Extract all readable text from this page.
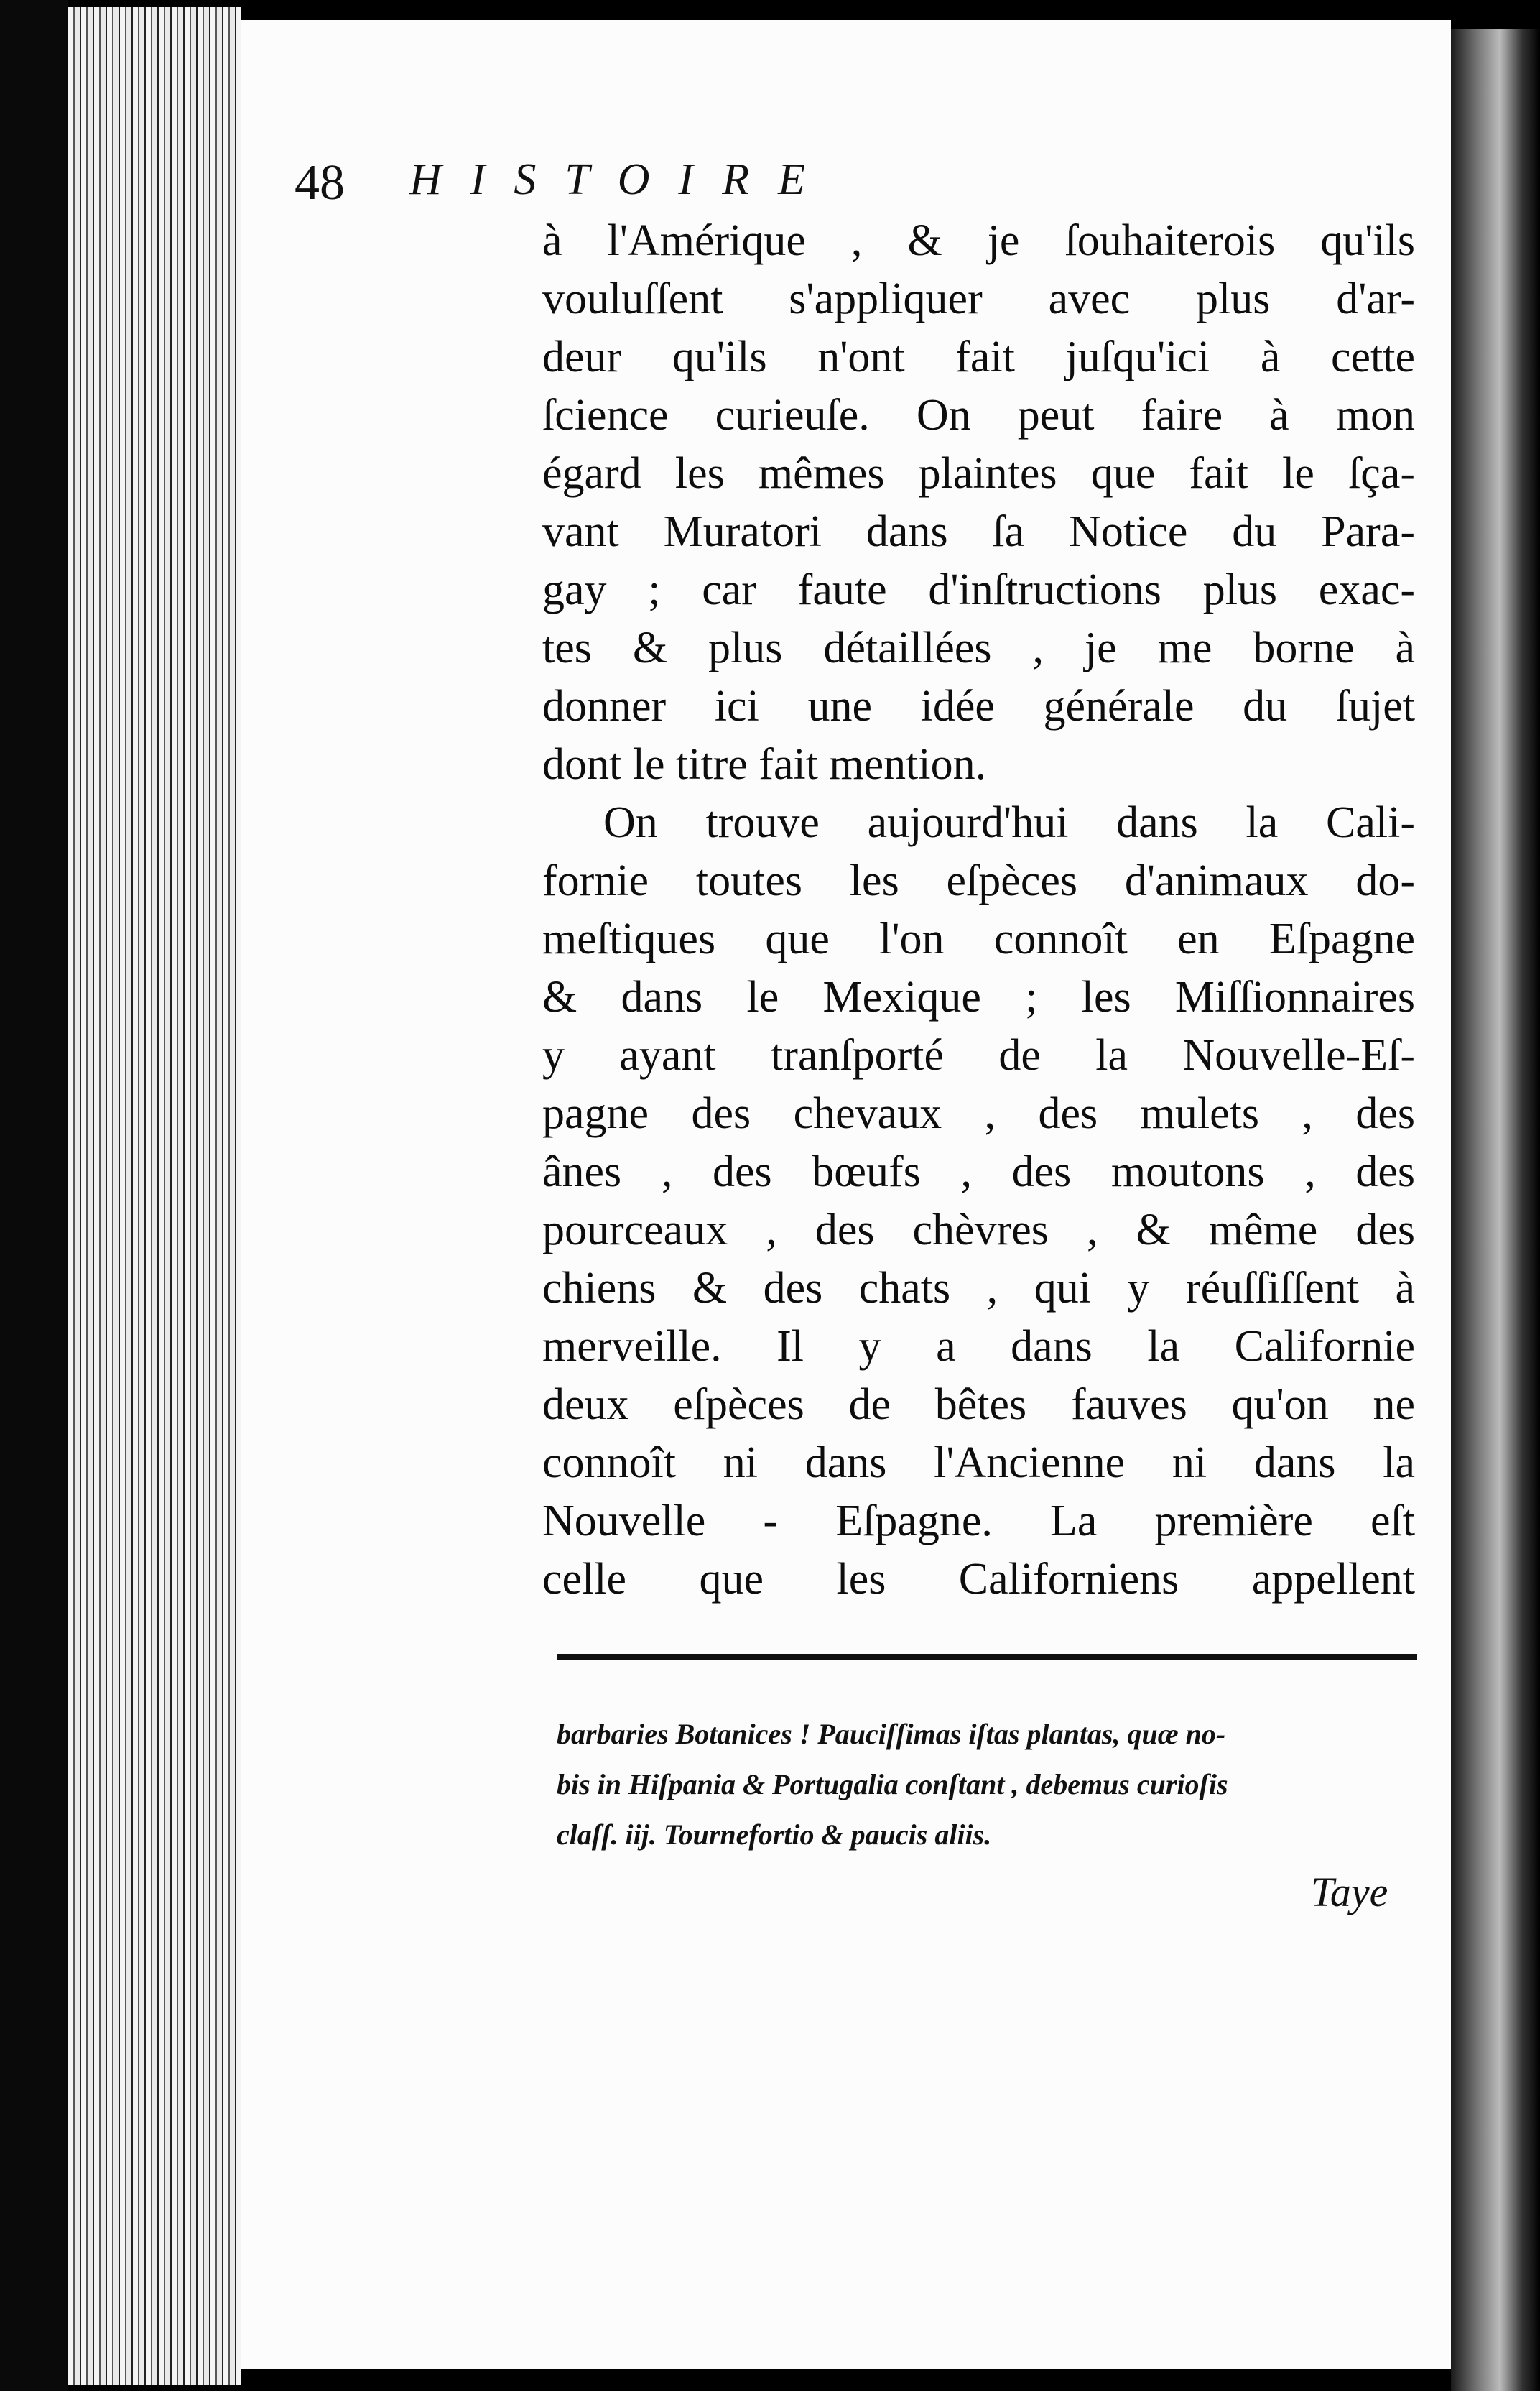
48 HISTOIRE
à l'Amérique , & je ſouhaiterois qu'ils
vouluſſent s'appliquer avec plus d'ar-
deur qu'ils n'ont fait juſqu'ici à cette
ſcience curieuſe. On peut faire à mon
égard les mêmes plaintes que fait le ſça-
vant Muratori dans ſa Notice du Para-
gay ; car faute d'inſtructions plus exac-
tes & plus détaillées , je me borne à
donner ici une idée générale du ſujet
dont le titre fait mention.
On trouve aujourd'hui dans la Cali-
fornie toutes les eſpèces d'animaux do-
meſtiques que l'on connoît en Eſpagne
& dans le Mexique ; les Miſſionnaires
y ayant tranſporté de la Nouvelle-Eſ-
pagne des chevaux , des mulets , des
ânes , des bœufs , des moutons , des
pourceaux , des chèvres , & même des
chiens & des chats , qui y réuſſiſſent à
merveille. Il y a dans la Californie
deux eſpèces de bêtes fauves qu'on ne
connoît ni dans l'Ancienne ni dans la
Nouvelle - Eſpagne. La première eſt
celle que les Californiens appellent
barbaries Botanices ! Pauciſſimas iſtas plantas, quæ no-
bis in Hiſpania & Portugalia conſtant , debemus curioſis
claſſ. iij. Tournefortio & paucis aliis.
Taye
